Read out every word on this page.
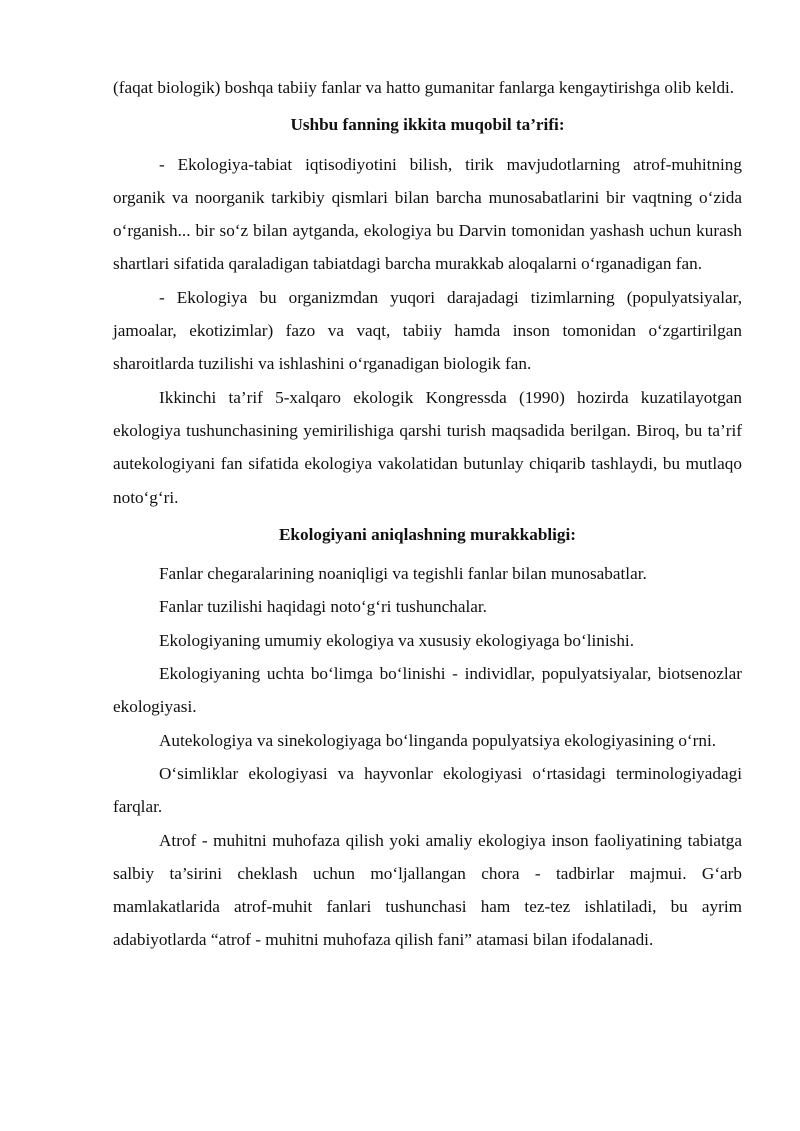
(faqat biologik) boshqa tabiiy fanlar va hatto gumanitar fanlarga kengaytirishga olib keldi.

Ushbu fanning ikkita muqobil ta’rifi:

- Ekologiya-tabiat iqtisodiyotini bilish, tirik mavjudotlarning atrof-muhitning organik va noorganik tarkibiy qismlari bilan barcha munosabatlarini bir vaqtning o‘zida o‘rganish... bir so‘z bilan aytganda, ekologiya bu Darvin tomonidan yashash uchun kurash shartlari sifatida qaraladigan tabiatdagi barcha murakkab aloqalarni o‘rganadigan fan.

- Ekologiya bu organizmdan yuqori darajadagi tizimlarning (populyatsiyalar, jamoalar, ekotizimlar) fazo va vaqt, tabiiy hamda inson tomonidan o‘zgartirilgan sharoitlarda tuzilishi va ishlashini o‘rganadigan biologik fan.

Ikkinchi ta’rif 5-xalqaro ekologik Kongressda (1990) hozirda kuzatilayotgan ekologiya tushunchasining yemirilishiga qarshi turish maqsadida berilgan. Biroq, bu ta’rif autekologiyani fan sifatida ekologiya vakolatidan butunlay chiqarib tashlaydi, bu mutlaqo noto‘g‘ri.

Ekologiyani aniqlashning murakkabligi:

Fanlar chegaralarining noaniqligi va tegishli fanlar bilan munosabatlar.

Fanlar tuzilishi haqidagi noto‘g‘ri tushunchalar.

Ekologiyaning umumiy ekologiya va xususiy ekologiyaga bo‘linishi.

Ekologiyaning uchta bo‘limga bo‘linishi - individlar, populyatsiyalar, biotsenozlar ekologiyasi.

Autekologiya va sinekologiyaga bo‘linganda populyatsiya ekologiyasining o‘rni.

O‘simliklar ekologiyasi va hayvonlar ekologiyasi o‘rtasidagi terminologiyadagi farqlar.

Atrof - muhitni muhofaza qilish yoki amaliy ekologiya inson faoliyatining tabiatga salbiy ta’sirini cheklash uchun mo‘ljallangan chora - tadbirlar majmui. G‘arb mamlakatlarida atrof-muhit fanlari tushunchasi ham tez-tez ishlatiladi, bu ayrim adabiyotlarda “atrof - muhitni muhofaza qilish fani” atamasi bilan ifodalanadi.
